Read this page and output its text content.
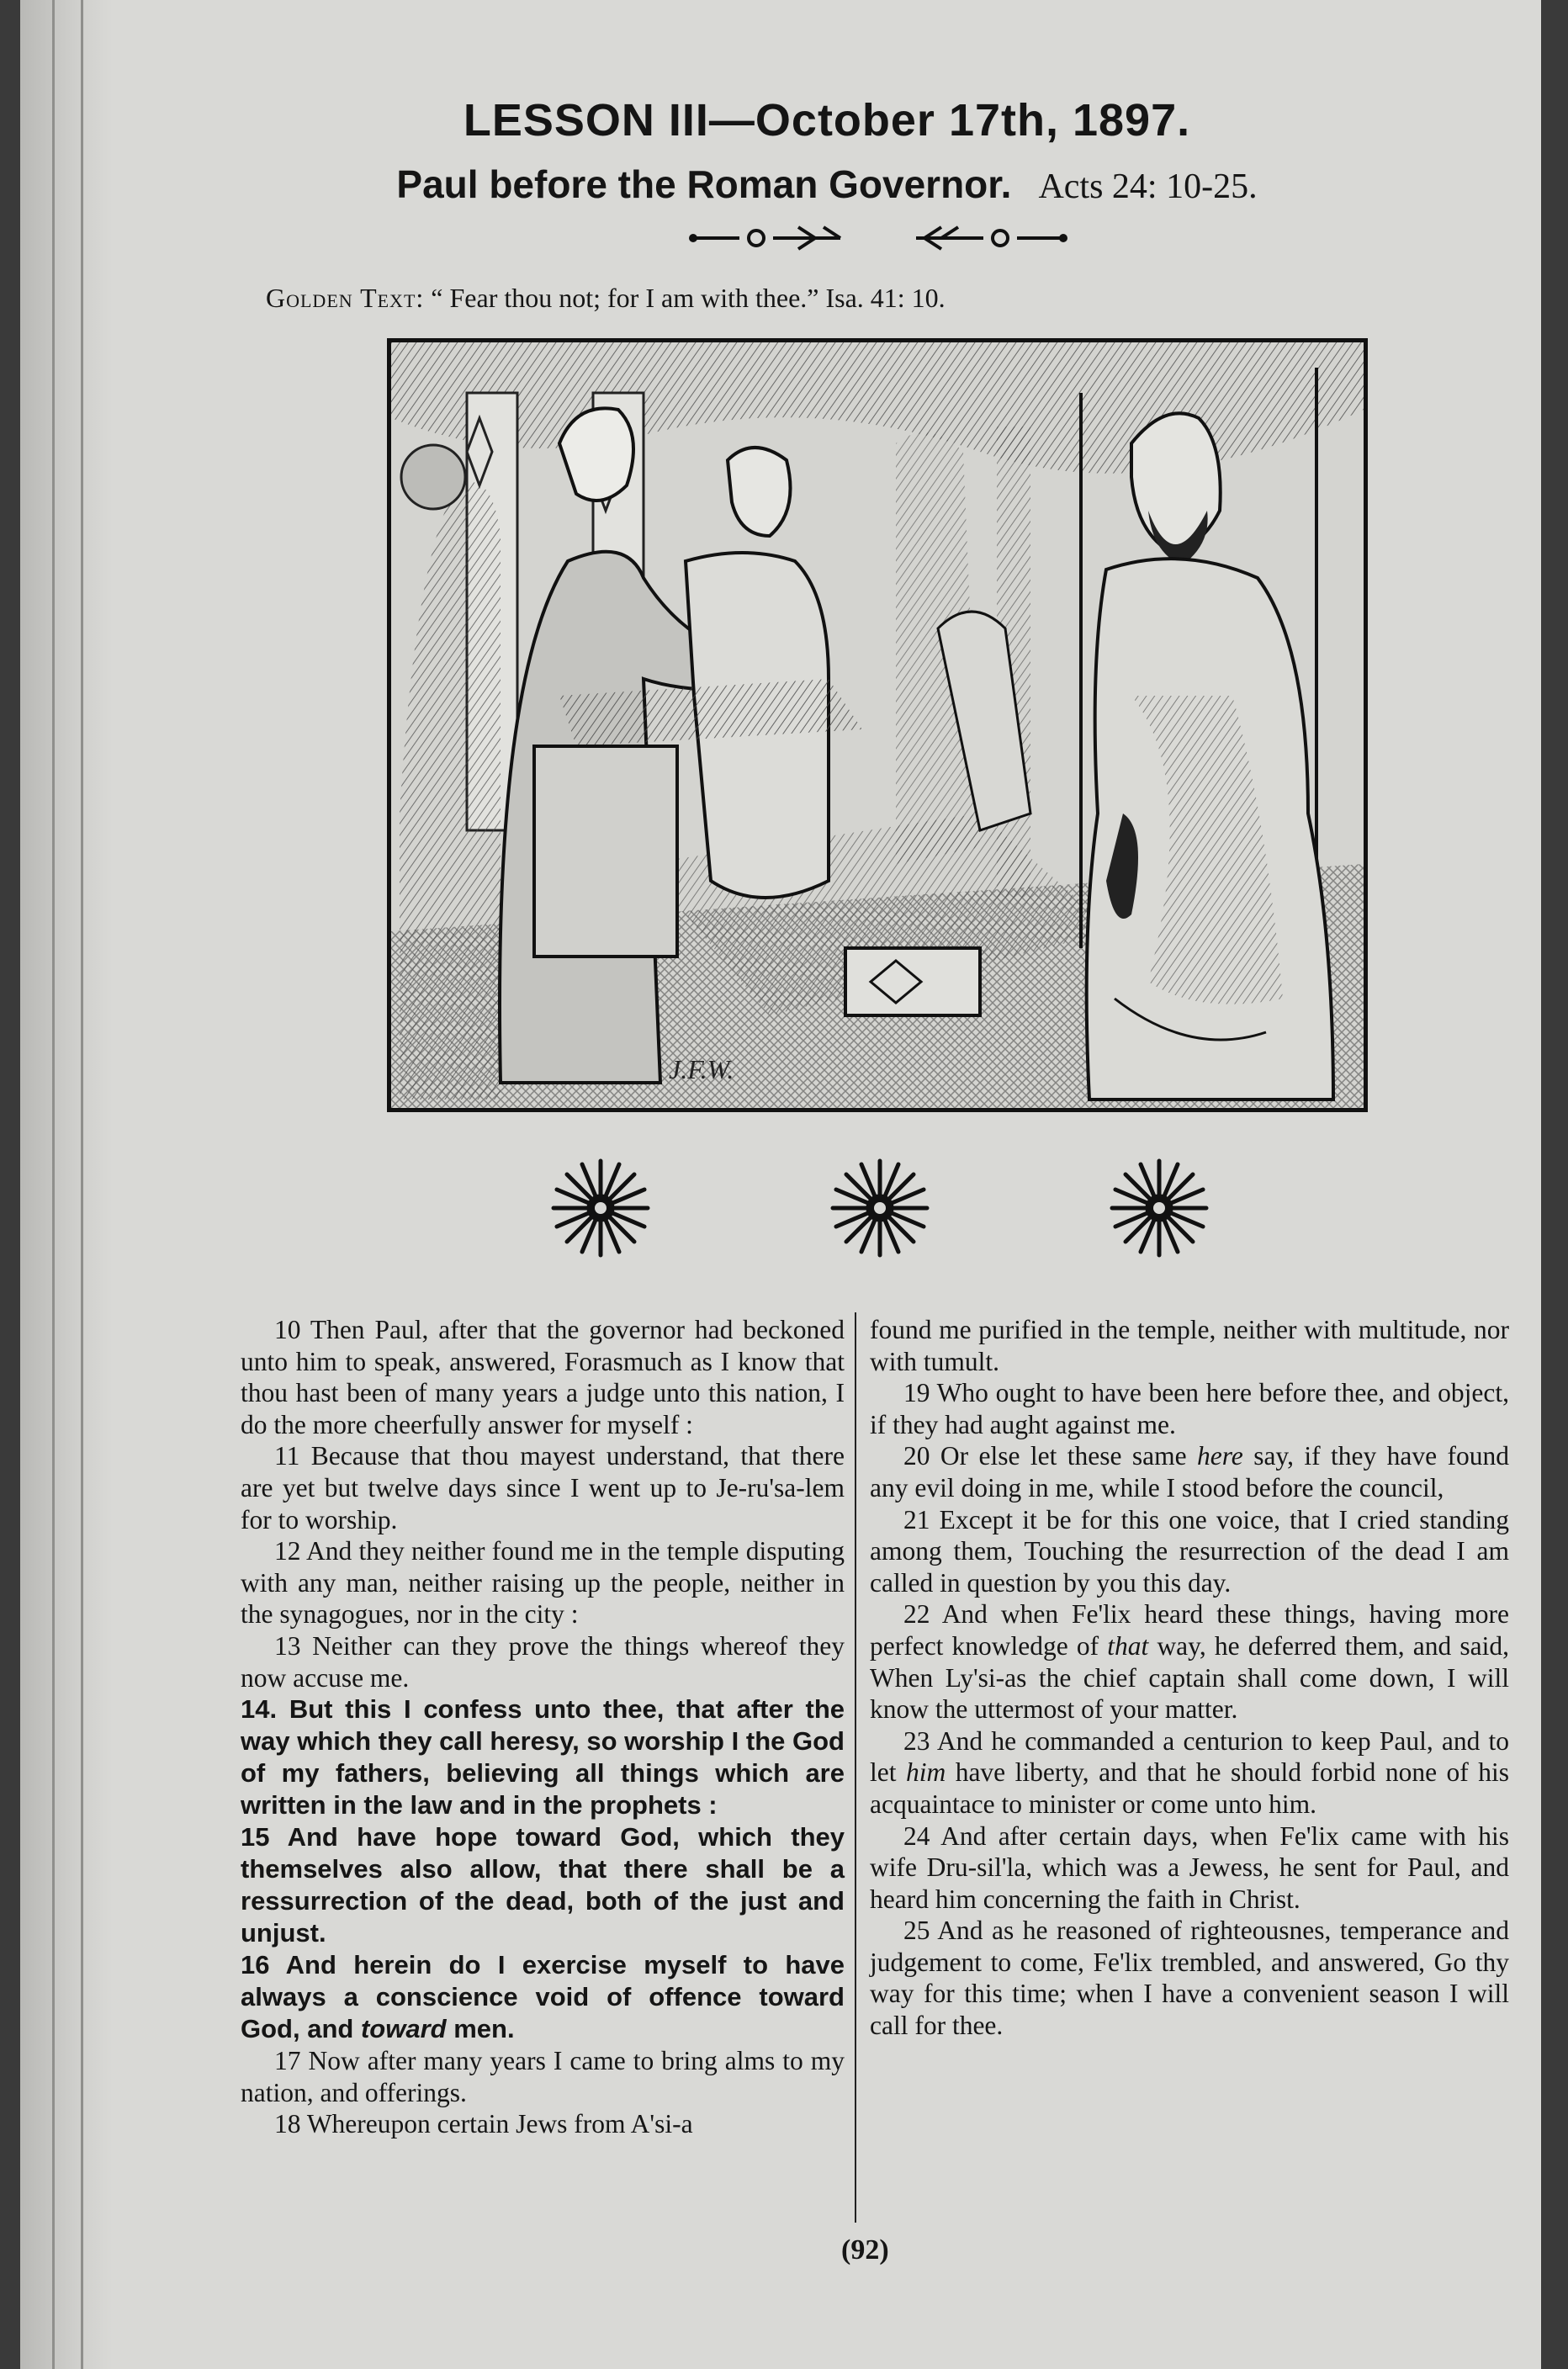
LESSON III—October 17th, 1897.
Paul before the Roman Governor. Acts 24: 10-25.
Golden Text: “ Fear thou not; for I am with thee.” Isa. 41: 10.
J.F.W.

10 Then Paul, after that the governor had beckoned unto him to speak, answered, Forasmuch as I know that thou hast been of many years a judge unto this nation, I do the more cheerfully answer for myself :

11 Because that thou mayest understand, that there are yet but twelve days since I went up to Je-ru'sa-lem for to worship.

12 And they neither found me in the temple disputing with any man, neither raising up the people, neither in the synagogues, nor in the city :

13 Neither can they prove the things whereof they now accuse me.

14. But this I confess unto thee, that after the way which they call heresy, so worship I the God of my fathers, believing all things which are written in the law and in the prophets :

15 And have hope toward God, which they themselves also allow, that there shall be a ressurrection of the dead, both of the just and unjust.

16 And herein do I exercise myself to have always a conscience void of offence toward God, and toward men.

17 Now after many years I came to bring alms to my nation, and offerings.

18 Whereupon certain Jews from A'si-a

found me purified in the temple, neither with multitude, nor with tumult.

19 Who ought to have been here before thee, and object, if they had aught against me.

20 Or else let these same here say, if they have found any evil doing in me, while I stood before the council,

21 Except it be for this one voice, that I cried standing among them, Touching the resurrection of the dead I am called in question by you this day.

22 And when Fe'lix heard these things, having more perfect knowledge of that way, he deferred them, and said, When Ly'si-as the chief captain shall come down, I will know the uttermost of your matter.

23 And he commanded a centurion to keep Paul, and to let him have liberty, and that he should forbid none of his acquaintace to minister or come unto him.

24 And after certain days, when Fe'lix came with his wife Dru-sil'la, which was a Jewess, he sent for Paul, and heard him concerning the faith in Christ.

25 And as he reasoned of righteousnes, temperance and judgement to come, Fe'lix trembled, and answered, Go thy way for this time; when I have a convenient season I will call for thee.

(92)
